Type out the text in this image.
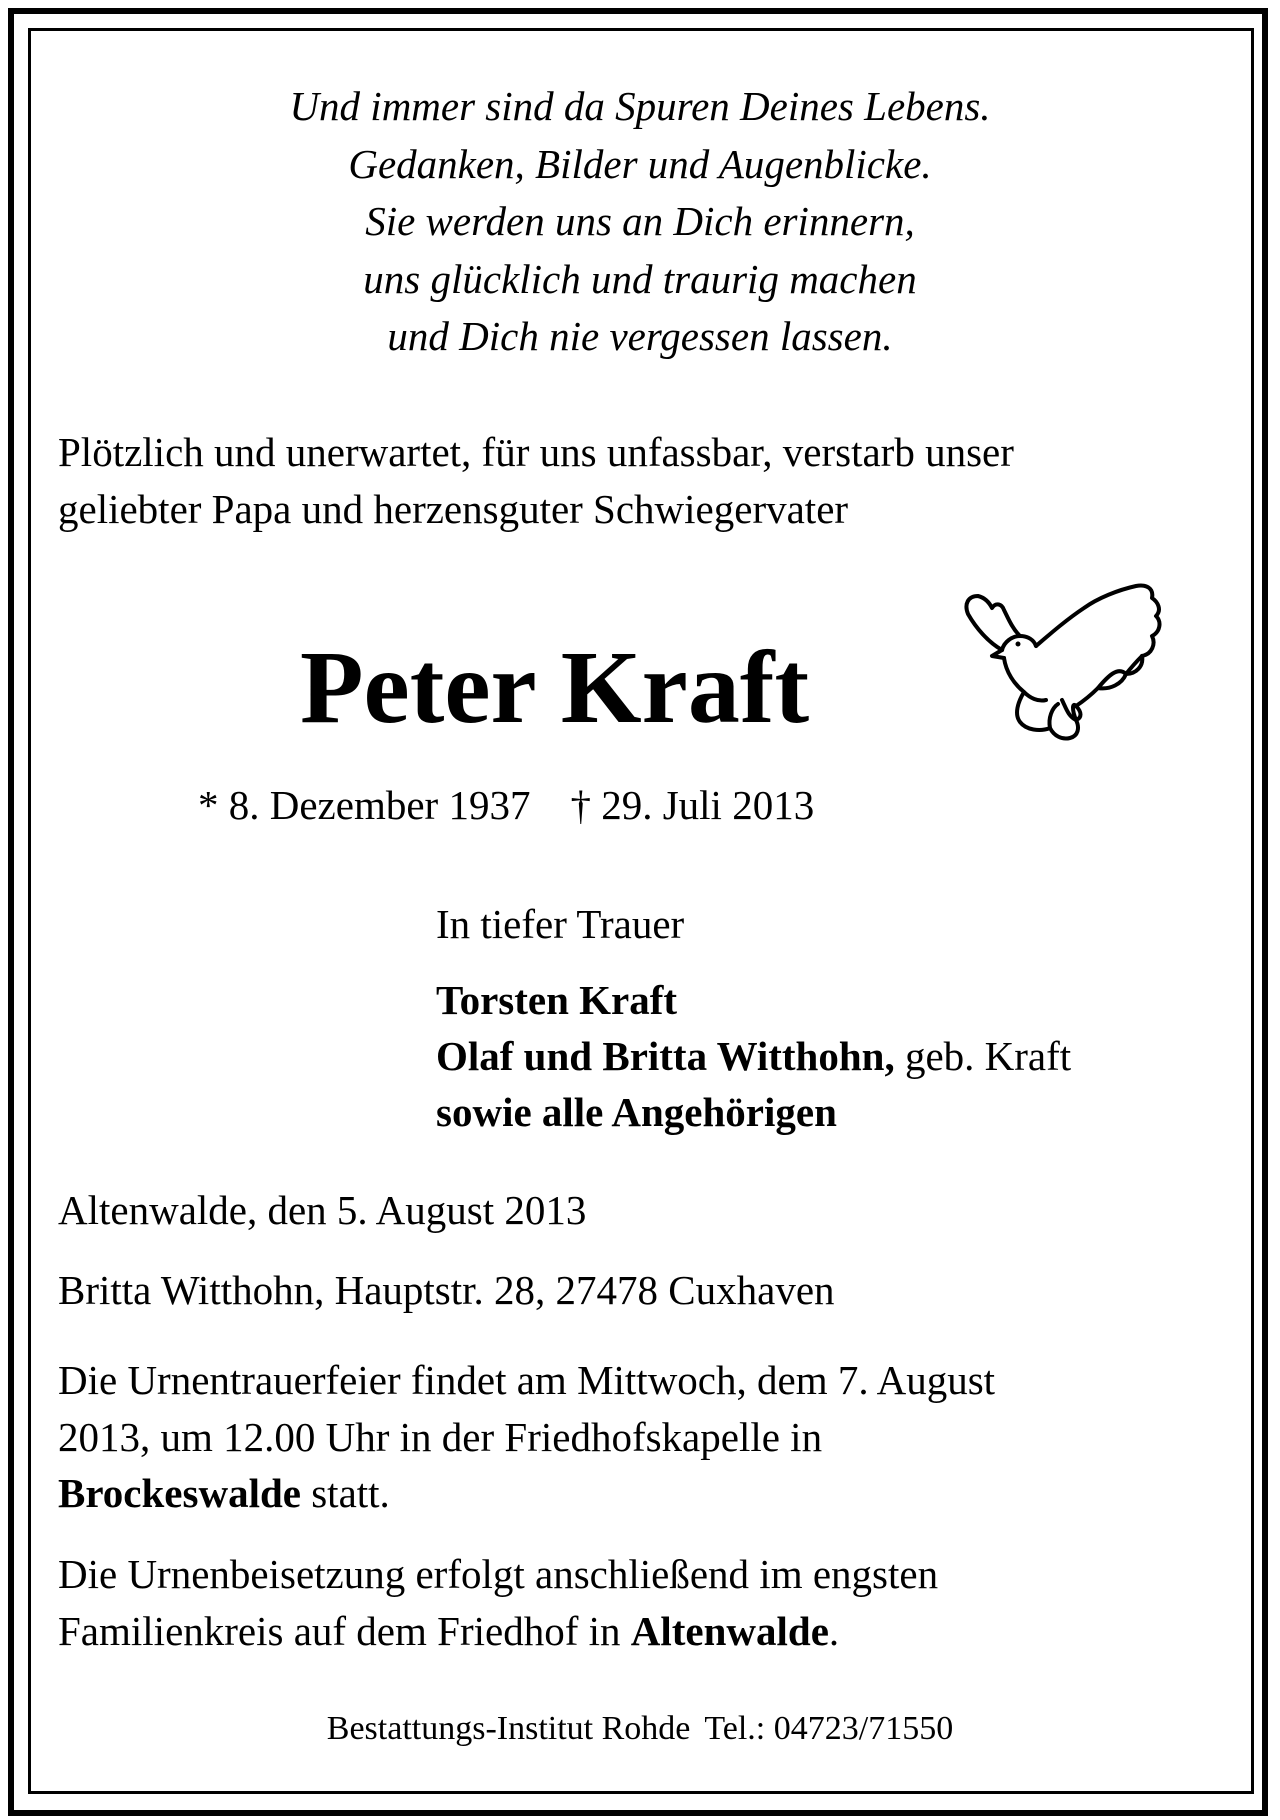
Und immer sind da Spuren Deines Lebens.
Gedanken, Bilder und Augenblicke.
Sie werden uns an Dich erinnern,
uns glücklich und traurig machen
und Dich nie vergessen lassen.
Plötzlich und unerwartet, für uns unfassbar, verstarb unser
geliebter Papa und herzensguter Schwiegervater
Peter Kraft
* 8. Dezember 1937 † 29. Juli 2013
In tiefer Trauer
Torsten Kraft
Olaf und Britta Witthohn, geb. Kraft
sowie alle Angehörigen
Altenwalde, den 5. August 2013
Britta Witthohn, Hauptstr. 28, 27478 Cuxhaven
Die Urnentrauerfeier findet am Mittwoch, dem 7. August
2013, um 12.00 Uhr in der Friedhofskapelle in
Brockeswalde statt.
Die Urnenbeisetzung erfolgt anschließend im engsten
Familienkreis auf dem Friedhof in Altenwalde.
Bestattungs-Institut Rohde Tel.: 04723/71550
